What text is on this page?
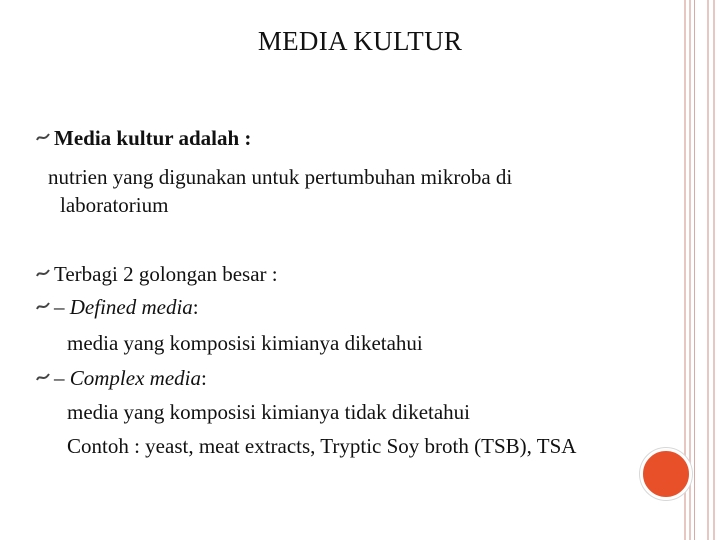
MEDIA KULTUR
Media kultur adalah :
nutrien yang digunakan untuk pertumbuhan mikroba di
laboratorium
Terbagi 2 golongan besar :
– Defined media:
media yang komposisi kimianya diketahui
– Complex media:
media yang komposisi kimianya tidak diketahui
Contoh : yeast, meat extracts, Tryptic Soy broth (TSB), TSA
